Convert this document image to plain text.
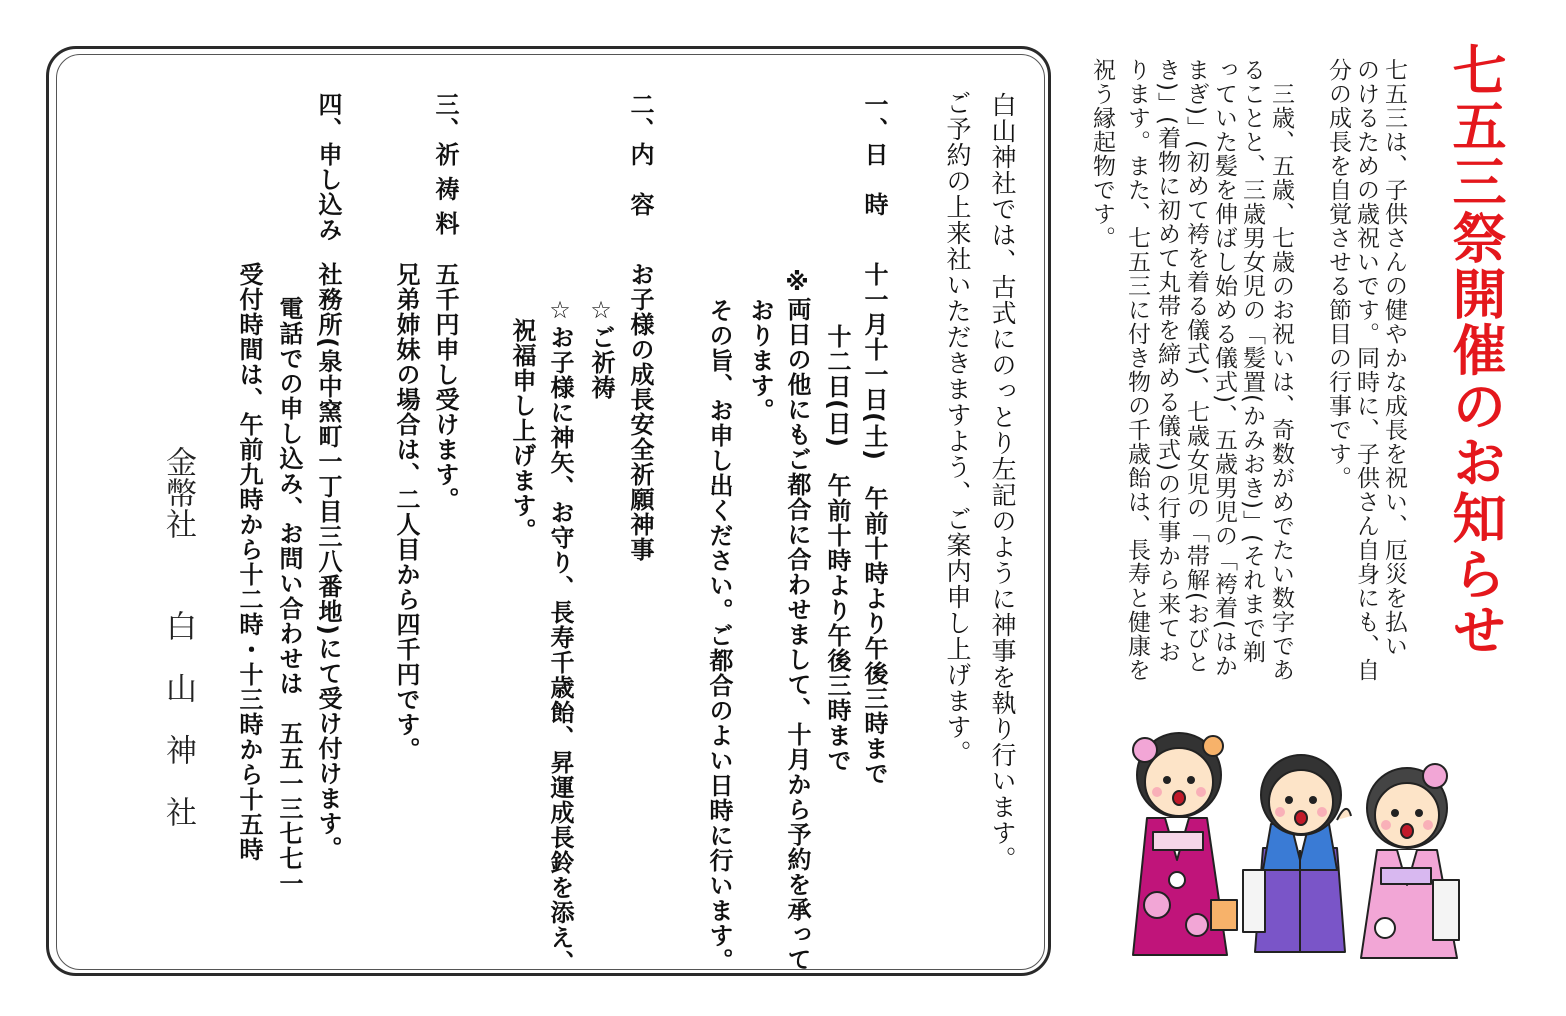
七五三祭開催のお知らせ
七五三は、子供さんの健やかな成長を祝い、厄災を払い
のけるための歳祝いです。同時に、子供さん自身にも、自
分の成長を自覚させる節目の行事です。
三歳、五歳、七歳のお祝いは、奇数がめでたい数字であ
ることと、三歳男女児の「髪置(かみおき)」(それまで剃
っていた髪を伸ばし始める儀式)、五歳男児の「袴着(はか
まぎ)」(初めて袴を着る儀式)、七歳女児の「帯解(おびと
き)」(着物に初めて丸帯を締める儀式)の行事から来てお
ります。また、七五三に付き物の千歳飴は、長寿と健康を
祝う縁起物です。
白山神社では、古式にのっとり左記のように神事を執り行います。
ご予約の上来社いただきますよう、ご案内申し上げます。
一、日　時
十一月十一日(土)　午前十時より午後三時まで
十二日(日)　午前十時より午後三時まで
※両日の他にもご都合に合わせまして、十月から予約を承って
おります。
その旨、お申し出ください。ご都合のよい日時に行います。
二、内　容
お子様の成長安全祈願神事
☆ご祈祷
☆お子様に神矢、お守り、長寿千歳飴、昇運成長鈴を添え、
祝福申し上げます。
三、祈 祷 料
五千円申し受けます。
兄弟姉妹の場合は、二人目から四千円です。
四、申し込み
社務所(泉中窯町一丁目三八番地)にて受け付けます。
電話での申し込み、お問い合わせは　五五一三七七一
受付時間は、午前九時から十二時・十三時から十五時
金幣社
白　山　神　社
